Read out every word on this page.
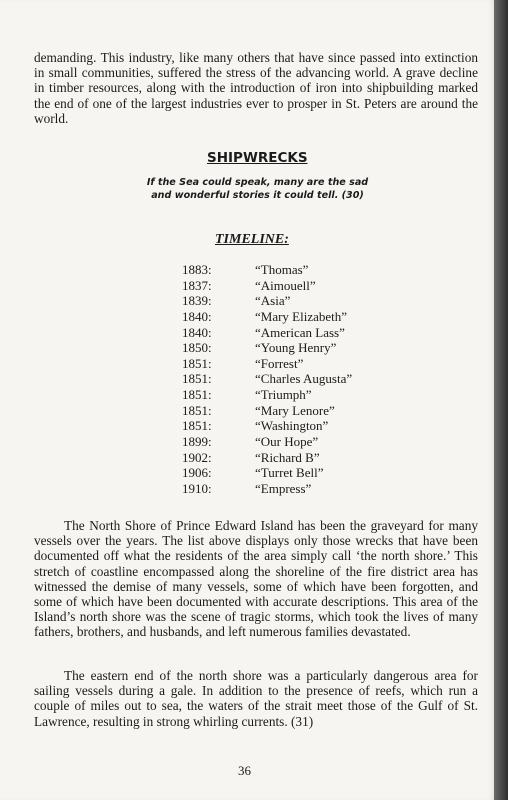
demanding. This industry, like many others that have since passed into extinction in small communities, suffered the stress of the advancing world. A grave decline in timber resources, along with the introduction of iron into shipbuilding marked the end of one of the largest industries ever to prosper in St. Peters are around the world.

SHIPWRECKS
If the Sea could speak, many are the sad
and wonderful stories it could tell. (30)
TIMELINE:
1883:	“Thomas”
1837:	“Aimouell”
1839:	“Asia”
1840:	“Mary Elizabeth”
1840:	“American Lass”
1850:	“Young Henry”
1851:	“Forrest”
1851:	“Charles Augusta”
1851:	“Triumph”
1851:	“Mary Lenore”
1851:	“Washington”
1899:	“Our Hope”
1902:	“Richard B”
1906:	“Turret Bell”
1910:	“Empress”

The North Shore of Prince Edward Island has been the graveyard for many vessels over the years. The list above displays only those wrecks that have been documented off what the residents of the area simply call ‘the north shore.’ This stretch of coastline encompassed along the shoreline of the fire district area has witnessed the demise of many vessels, some of which have been forgotten, and some of which have been documented with accurate descriptions. This area of the Island’s north shore was the scene of tragic storms, which took the lives of many fathers, brothers, and husbands, and left numerous families devastated.

The eastern end of the north shore was a particularly dangerous area for sailing vessels during a gale. In addition to the presence of reefs, which run a couple of miles out to sea, the waters of the strait meet those of the Gulf of St. Lawrence, resulting in strong whirling currents. (31)

36
